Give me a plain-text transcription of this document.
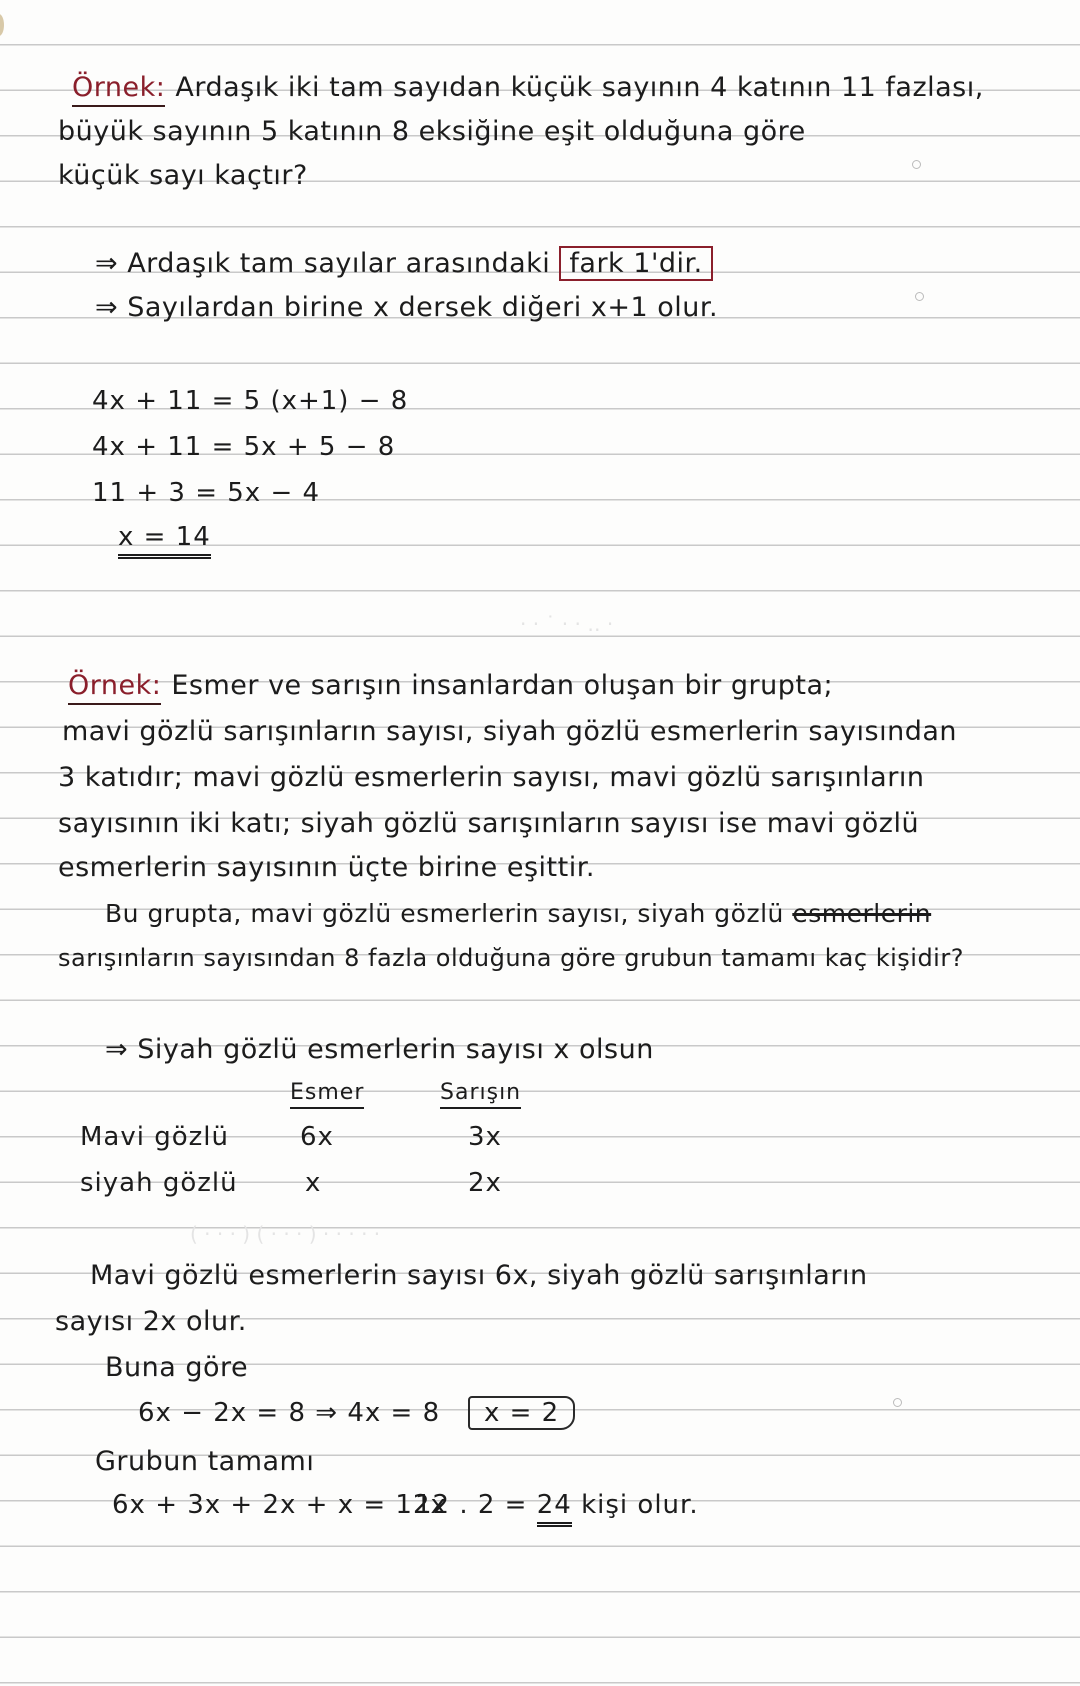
Örnek: Ardaşık iki tam sayıdan küçük sayının 4 katının 11 fazlası,
büyük sayının 5 katının 8 eksiğine eşit olduğuna göre
küçük sayı kaçtır?
⇒ Ardaşık tam sayılar arasındaki fark 1'dir.
⇒ Sayılardan birine x dersek diğeri x+1 olur.
4x + 11 = 5 (x+1) − 8
4x + 11 = 5x + 5 − 8
11 + 3 = 5x − 4
x = 14
· · ˙ · · ‥ ·
Örnek: Esmer ve sarışın insanlardan oluşan bir grupta;
mavi gözlü sarışınların sayısı, siyah gözlü esmerlerin sayısından
3 katıdır; mavi gözlü esmerlerin sayısı, mavi gözlü sarışınların
sayısının iki katı; siyah gözlü sarışınların sayısı ise mavi gözlü
esmerlerin sayısının üçte birine eşittir.
Bu grupta, mavi gözlü esmerlerin sayısı, siyah gözlü esmerlerin
sarışınların sayısından 8 fazla olduğuna göre grubun tamamı kaç kişidir?
⇒ Siyah gözlü esmerlerin sayısı x olsun
Esmer	Sarışın
Mavi gözlü	6x	3x
siyah gözlü	x	2x
( · · · ) ( · · · ) · · · · ·
Mavi gözlü esmerlerin sayısı 6x, siyah gözlü sarışınların
sayısı 2x olur.
Buna göre
6x − 2x = 8 ⇒ 4x = 8 x = 2
Grubun tamamı
6x + 3x + 2x + x = 12x
12 . 2 = 24 kişi olur.
